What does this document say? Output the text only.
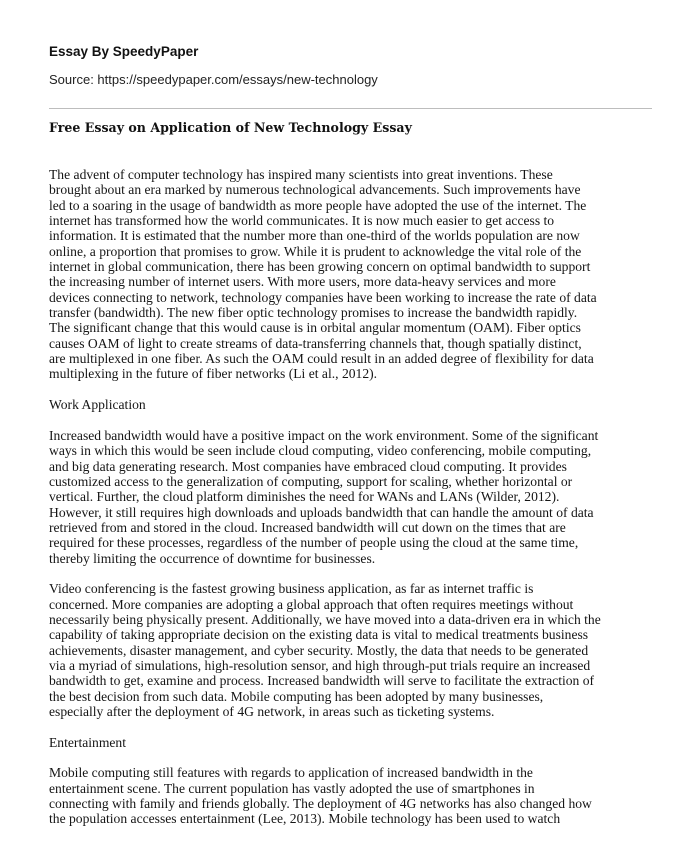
Essay By SpeedyPaper
Source: https://speedypaper.com/essays/new-technology
Free Essay on Application of New Technology Essay

The advent of computer technology has inspired many scientists into great inventions. These
brought about an era marked by numerous technological advancements. Such improvements have
led to a soaring in the usage of bandwidth as more people have adopted the use of the internet. The
internet has transformed how the world communicates. It is now much easier to get access to
information. It is estimated that the number more than one-third of the worlds population are now
online, a proportion that promises to grow. While it is prudent to acknowledge the vital role of the
internet in global communication, there has been growing concern on optimal bandwidth to support
the increasing number of internet users. With more users, more data-heavy services and more
devices connecting to network, technology companies have been working to increase the rate of data
transfer (bandwidth). The new fiber optic technology promises to increase the bandwidth rapidly.
The significant change that this would cause is in orbital angular momentum (OAM). Fiber optics
causes OAM of light to create streams of data-transferring channels that, though spatially distinct,
are multiplexed in one fiber. As such the OAM could result in an added degree of flexibility for data
multiplexing in the future of fiber networks (Li et al., 2012).

Work Application

Increased bandwidth would have a positive impact on the work environment. Some of the significant
ways in which this would be seen include cloud computing, video conferencing, mobile computing,
and big data generating research. Most companies have embraced cloud computing. It provides
customized access to the generalization of computing, support for scaling, whether horizontal or
vertical. Further, the cloud platform diminishes the need for WANs and LANs (Wilder, 2012).
However, it still requires high downloads and uploads bandwidth that can handle the amount of data
retrieved from and stored in the cloud. Increased bandwidth will cut down on the times that are
required for these processes, regardless of the number of people using the cloud at the same time,
thereby limiting the occurrence of downtime for businesses.

Video conferencing is the fastest growing business application, as far as internet traffic is
concerned. More companies are adopting a global approach that often requires meetings without
necessarily being physically present. Additionally, we have moved into a data-driven era in which the
capability of taking appropriate decision on the existing data is vital to medical treatments business
achievements, disaster management, and cyber security. Mostly, the data that needs to be generated
via a myriad of simulations, high-resolution sensor, and high through-put trials require an increased
bandwidth to get, examine and process. Increased bandwidth will serve to facilitate the extraction of
the best decision from such data. Mobile computing has been adopted by many businesses,
especially after the deployment of 4G network, in areas such as ticketing systems.

Entertainment

Mobile computing still features with regards to application of increased bandwidth in the
entertainment scene. The current population has vastly adopted the use of smartphones in
connecting with family and friends globally. The deployment of 4G networks has also changed how
the population accesses entertainment (Lee, 2013). Mobile technology has been used to watch
